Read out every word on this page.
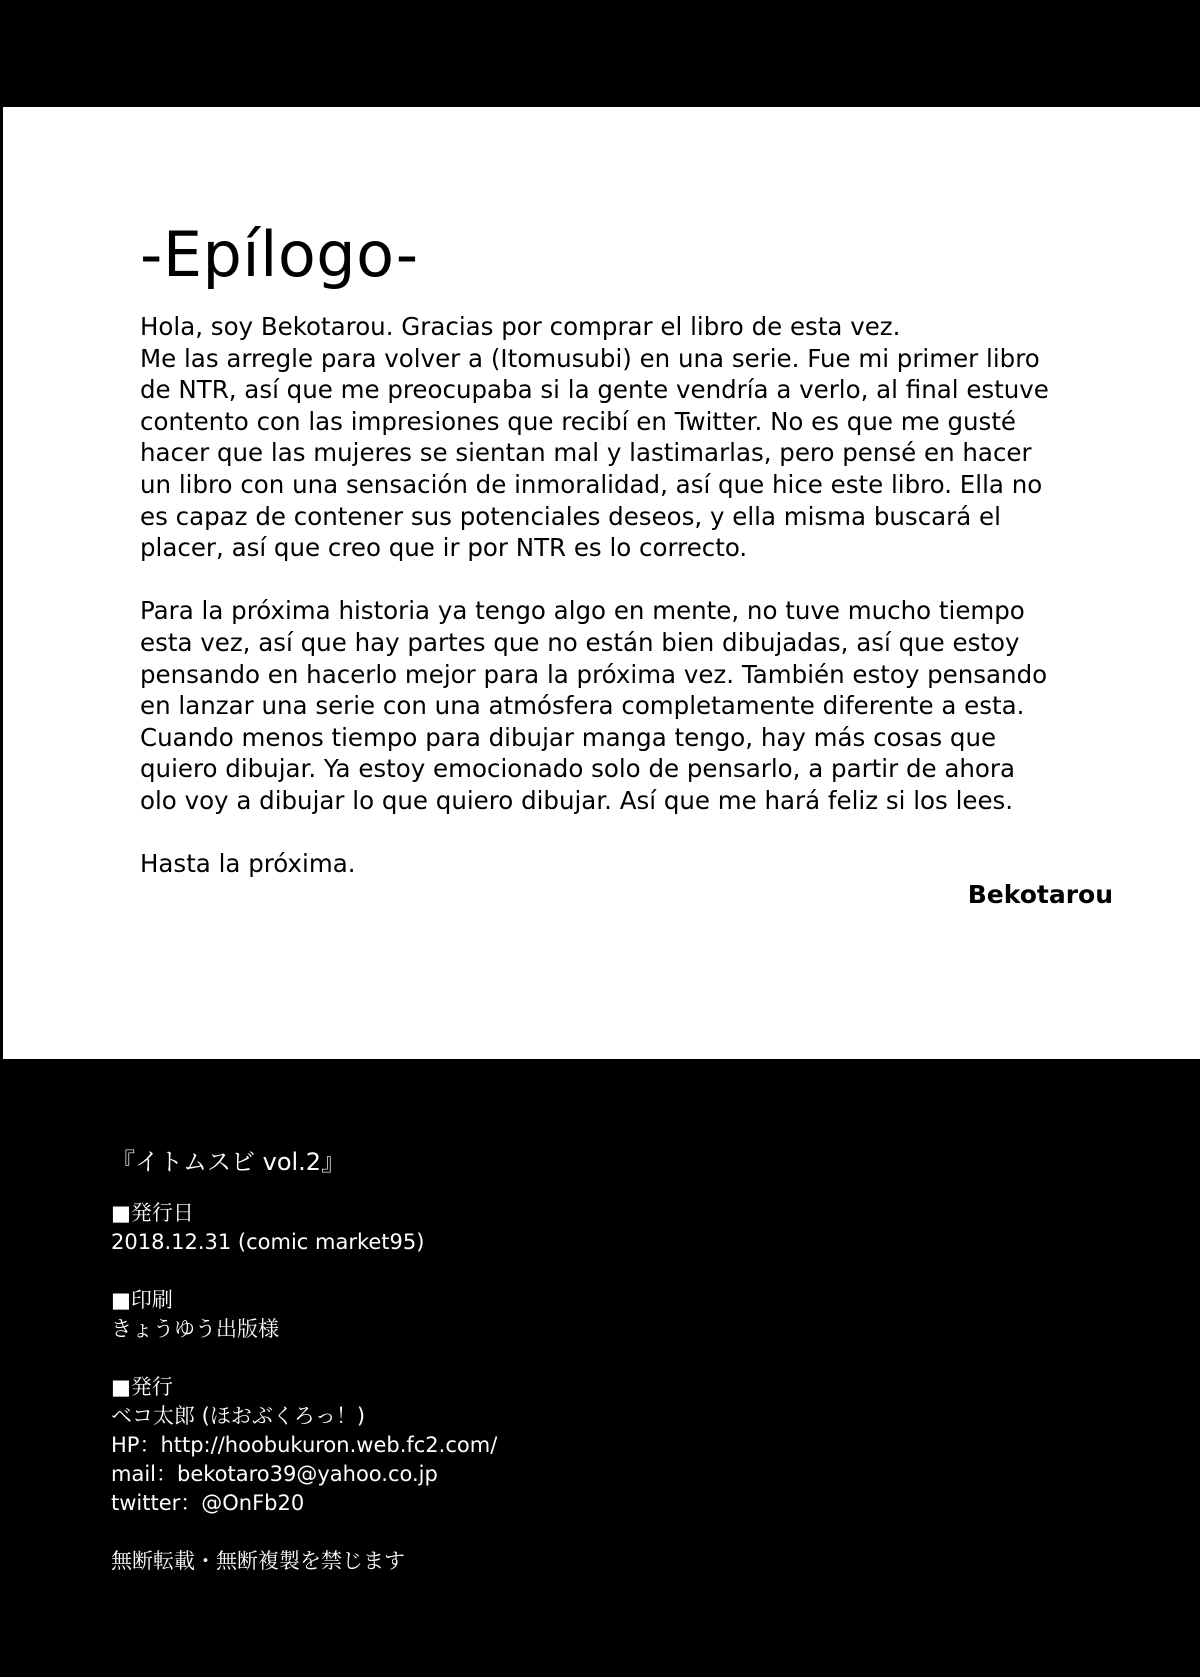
-Epílogo-

Hola, soy Bekotarou. Gracias por comprar el libro de esta vez.
Me las arregle para volver a (Itomusubi) en una serie. Fue mi primer libro
de NTR, así que me preocupaba si la gente vendría a verlo, al final estuve
contento con las impresiones que recibí en Twitter. No es que me gusté
hacer que las mujeres se sientan mal y lastimarlas, pero pensé en hacer
un libro con una sensación de inmoralidad, así que hice este libro. Ella no
es capaz de contener sus potenciales deseos, y ella misma buscará el
placer, así que creo que ir por NTR es lo correcto.

Para la próxima historia ya tengo algo en mente, no tuve mucho tiempo
esta vez, así que hay partes que no están bien dibujadas, así que estoy
pensando en hacerlo mejor para la próxima vez. También estoy pensando
en lanzar una serie con una atmósfera completamente diferente a esta.
Cuando menos tiempo para dibujar manga tengo, hay más cosas que
quiero dibujar. Ya estoy emocionado solo de pensarlo, a partir de ahora
olo voy a dibujar lo que quiero dibujar. Así que me hará feliz si los lees.

Hasta la próxima.

Bekotarou

『イトムスビ vol.2』
■発行日
2018.12.31 (comic market95)
■印刷
きょうゆう出版様
■発行
ベコ太郎 (ほおぶくろっ！)
HP：http://hoobukuron.web.fc2.com/
mail：bekotaro39@yahoo.co.jp
twitter：@OnFb20
無断転載・無断複製を禁じます
